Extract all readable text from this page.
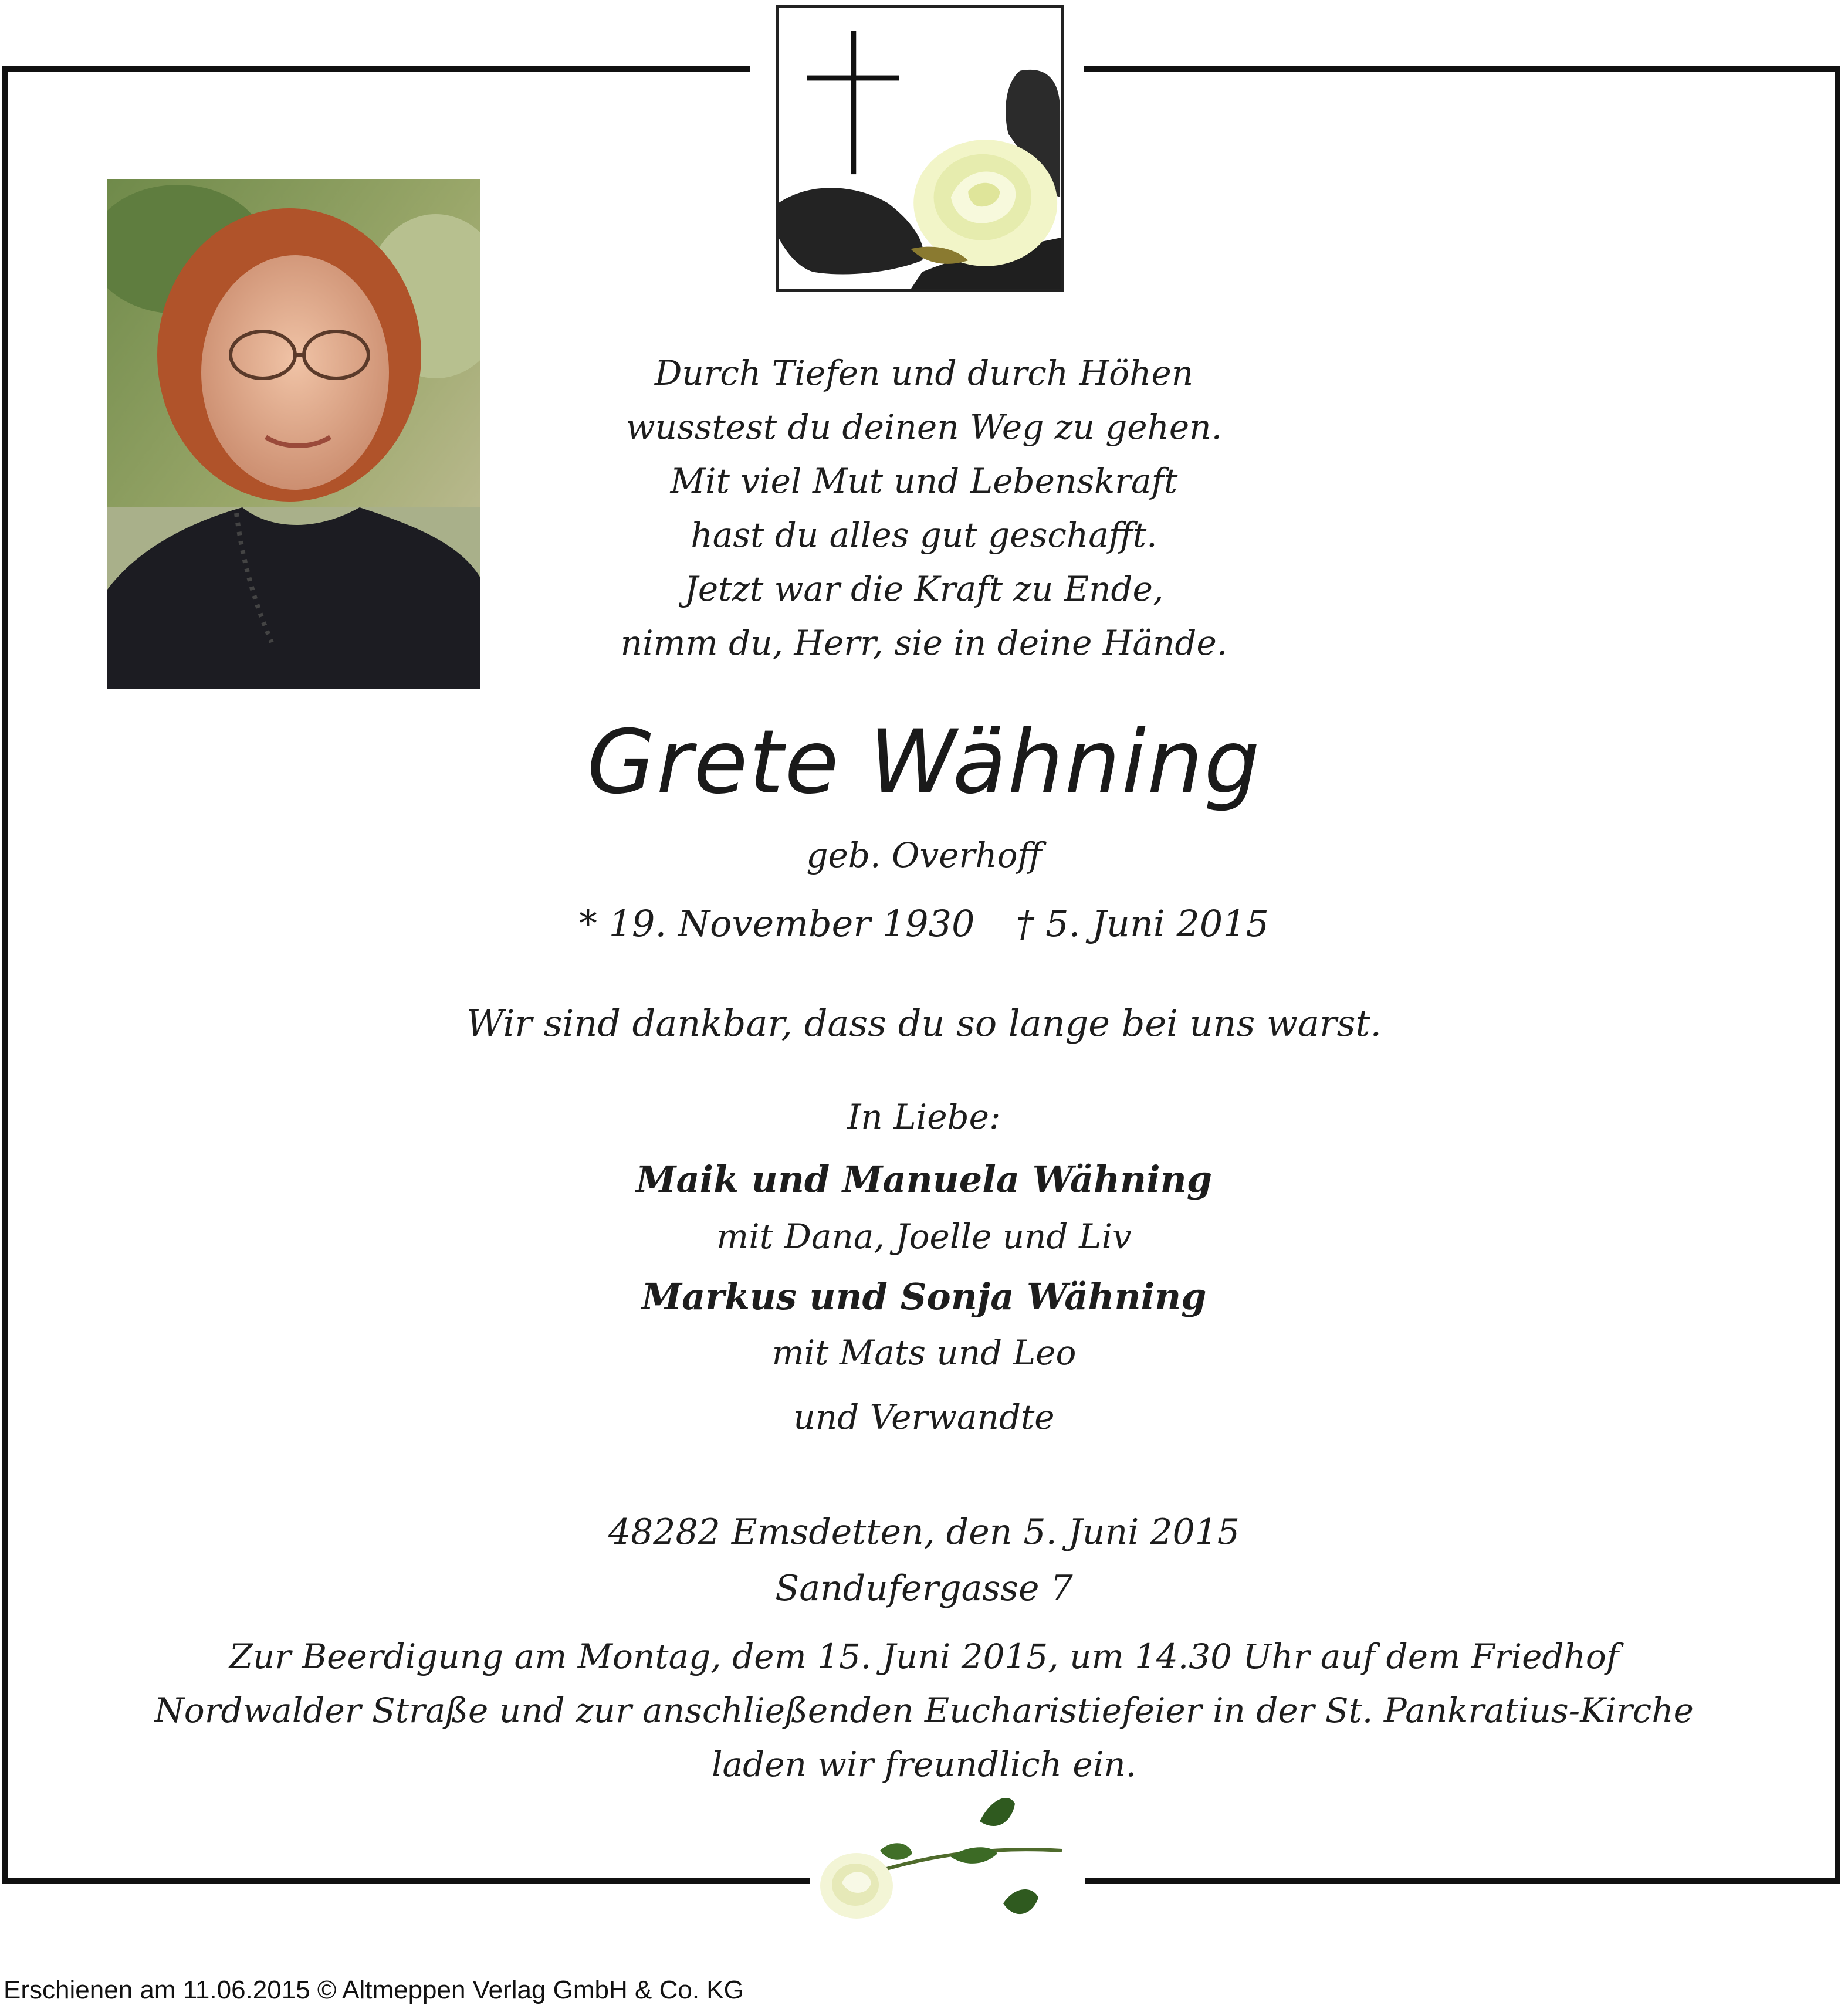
Durch Tiefen und durch Höhen
wusstest du deinen Weg zu gehen.
Mit viel Mut und Lebenskraft
hast du alles gut geschafft.
Jetzt war die Kraft zu Ende,
nimm du, Herr, sie in deine Hände.
Grete Wähning
geb. Overhoff
* 19. November 1930 † 5. Juni 2015
Wir sind dankbar, dass du so lange bei uns warst.
In Liebe:
Maik und Manuela Wähning
mit Dana, Joelle und Liv
Markus und Sonja Wähning
mit Mats und Leo
und Verwandte
48282 Emsdetten, den 5. Juni 2015
Sandufergasse 7
Zur Beerdigung am Montag, dem 15. Juni 2015, um 14.30 Uhr auf dem Friedhof
Nordwalder Straße und zur anschließenden Eucharistiefeier in der St. Pankratius-Kirche
laden wir freundlich ein.
Erschienen am 11.06.2015 © Altmeppen Verlag GmbH & Co. KG
